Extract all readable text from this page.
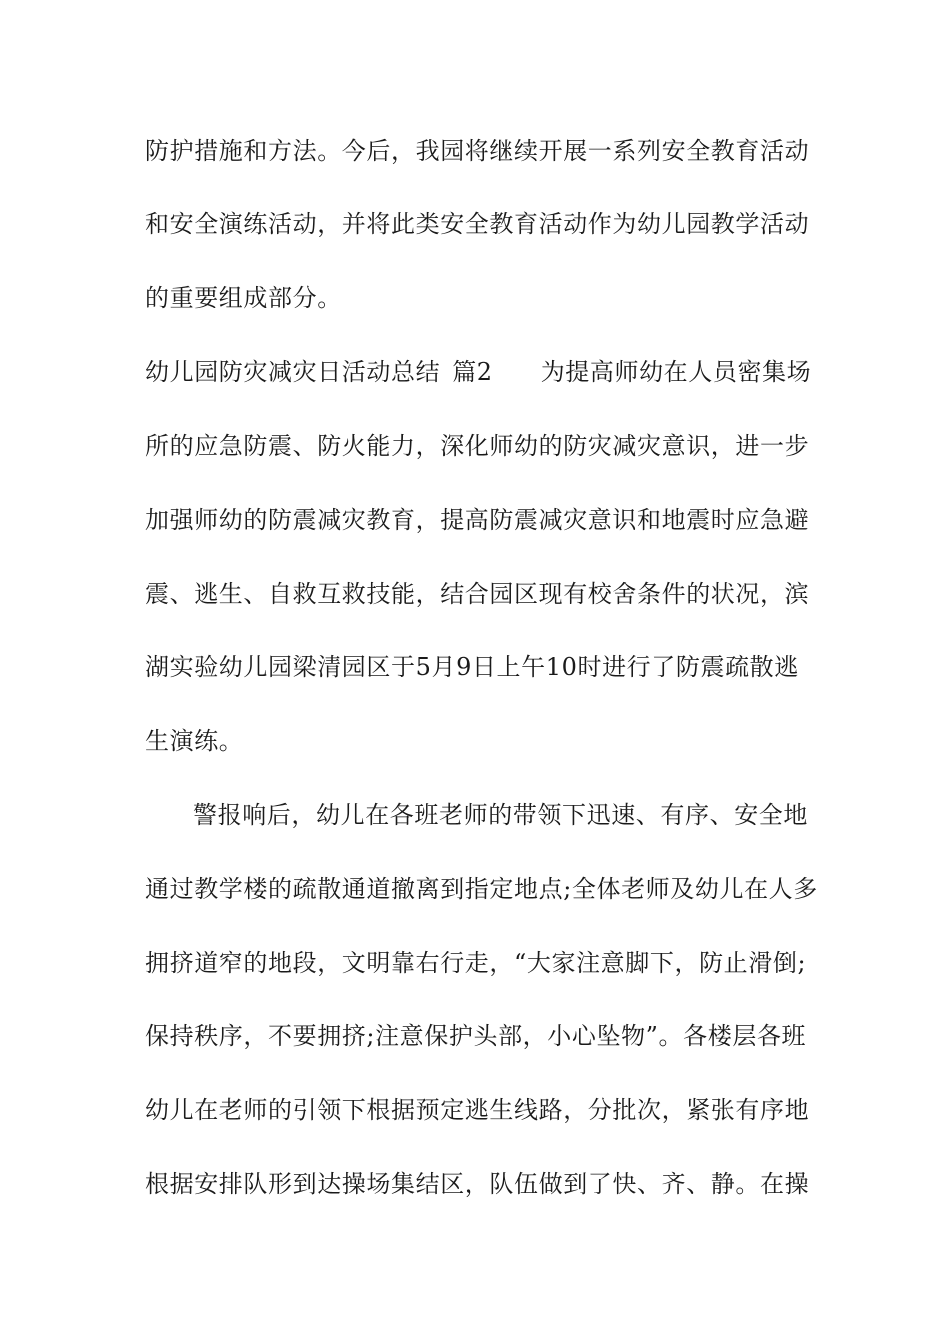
防护措施和方法。今后，我园将继续开展一系列安全教育活动
和安全演练活动，并将此类安全教育活动作为幼儿园教学活动
的重要组成部分。
幼儿园防灾减灾日活动总结 篇2 为提高师幼在人员密集场
所的应急防震、防火能力，深化师幼的防灾减灾意识，进一步
加强师幼的防震减灾教育，提高防震减灾意识和地震时应急避
震、逃生、自救互救技能，结合园区现有校舍条件的状况，滨
湖实验幼儿园梁清园区于5月9日上午10时进行了防震疏散逃
生演练。
警报响后，幼儿在各班老师的带领下迅速、有序、安全地
通过教学楼的疏散通道撤离到指定地点;全体老师及幼儿在人多
拥挤道窄的地段，文明靠右行走，“大家注意脚下，防止滑倒;
保持秩序，不要拥挤;注意保护头部，小心坠物”。各楼层各班
幼儿在老师的引领下根据预定逃生线路，分批次，紧张有序地
根据安排队形到达操场集结区，队伍做到了快、齐、静。在操
